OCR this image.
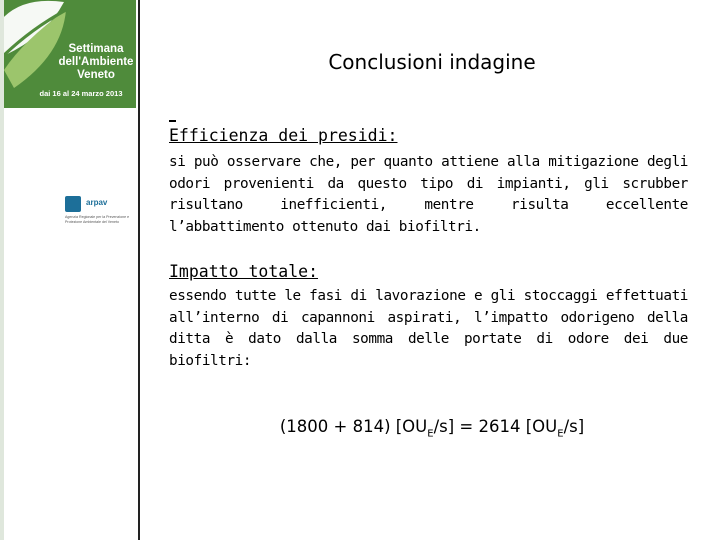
Settimana
dell'Ambiente
Veneto
dai 16 al 24 marzo 2013
arpav
Agenzia Regionale per la Prevenzione e Protezione Ambientale del Veneto
Conclusioni indagine
Efficienza dei presidi:
si può osservare che, per quanto attiene alla mitigazione degli odori provenienti da questo tipo di impianti, gli scrubber risultano inefficienti, mentre risulta eccellente l’abbattimento ottenuto dai biofiltri.
Impatto totale:
essendo tutte le fasi di lavorazione e gli stoccaggi effettuati all’interno di capannoni aspirati, l’impatto odorigeno della ditta è dato dalla somma delle portate di odore dei due biofiltri:
(1800 + 814) $[OU_E/s] = 2614$ $[OU_E/s]$
